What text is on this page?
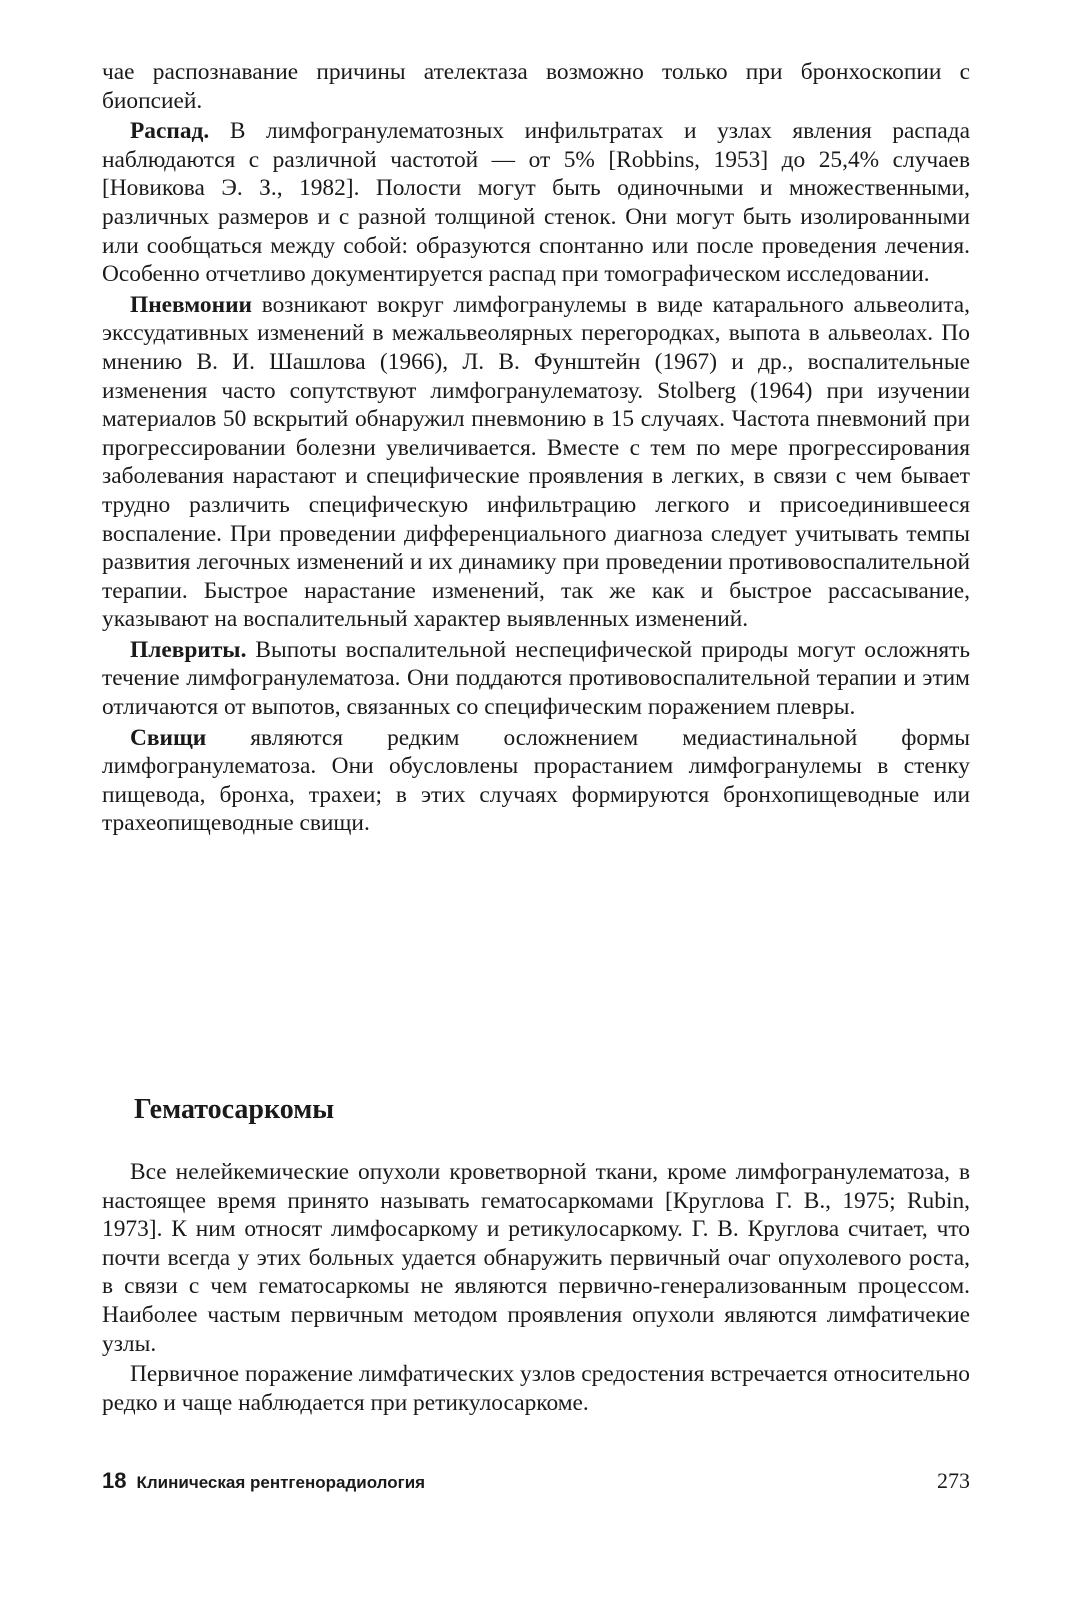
чае распознавание причины ателектаза возможно только при бронхоскопии с биопсией.

Распад. В лимфогранулематозных инфильтратах и узлах явления распада наблюдаются с различной частотой — от 5% [Robbins, 1953] до 25,4% случаев [Новикова Э. З., 1982]. Полости могут быть одиночными и множественными, различных размеров и с разной толщиной стенок. Они могут быть изолированными или сообщаться между собой: образуются спонтанно или после проведения лечения. Особенно отчетливо документируется распад при томографическом исследовании.

Пневмонии возникают вокруг лимфогранулемы в виде катарального альвеолита, экссудативных изменений в межальвеолярных перегородках, выпота в альвеолах. По мнению В. И. Шашлова (1966), Л. В. Фунштейн (1967) и др., воспалительные изменения часто сопутствуют лимфогранулематозу. Stolberg (1964) при изучении материалов 50 вскрытий обнаружил пневмонию в 15 случаях. Частота пневмоний при прогрессировании болезни увеличивается. Вместе с тем по мере прогрессирования заболевания нарастают и специфические проявления в легких, в связи с чем бывает трудно различить специфическую инфильтрацию легкого и присоединившееся воспаление. При проведении дифференциального диагноза следует учитывать темпы развития легочных изменений и их динамику при проведении противовоспалительной терапии. Быстрое нарастание изменений, так же как и быстрое рассасывание, указывают на воспалительный характер выявленных изменений.

Плевриты. Выпоты воспалительной неспецифической природы могут осложнять течение лимфогранулематоза. Они поддаются противовоспалительной терапии и этим отличаются от выпотов, связанных со специфическим поражением плевры.

Свищи являются редким осложнением медиастинальной формы лимфогранулематоза. Они обусловлены прорастанием лимфогранулемы в стенку пищевода, бронха, трахеи; в этих случаях формируются бронхопищеводные или трахеопищеводные свищи.

Гематосаркомы

Все нелейкемические опухоли кроветворной ткани, кроме лимфогранулематоза, в настоящее время принято называть гематосаркомами [Круглова Г. В., 1975; Rubin, 1973]. К ним относят лимфосаркому и ретикулосаркому. Г. В. Круглова считает, что почти всегда у этих больных удается обнаружить первичный очаг опухолевого роста, в связи с чем гематосаркомы не являются первично-генерализованным процессом. Наиболее частым первичным методом проявления опухоли являются лимфатичекие узлы.

Первичное поражение лимфатических узлов средостения встречается относительно редко и чаще наблюдается при ретикулосаркоме.

18 Клиническая рентгенорадиология	273
